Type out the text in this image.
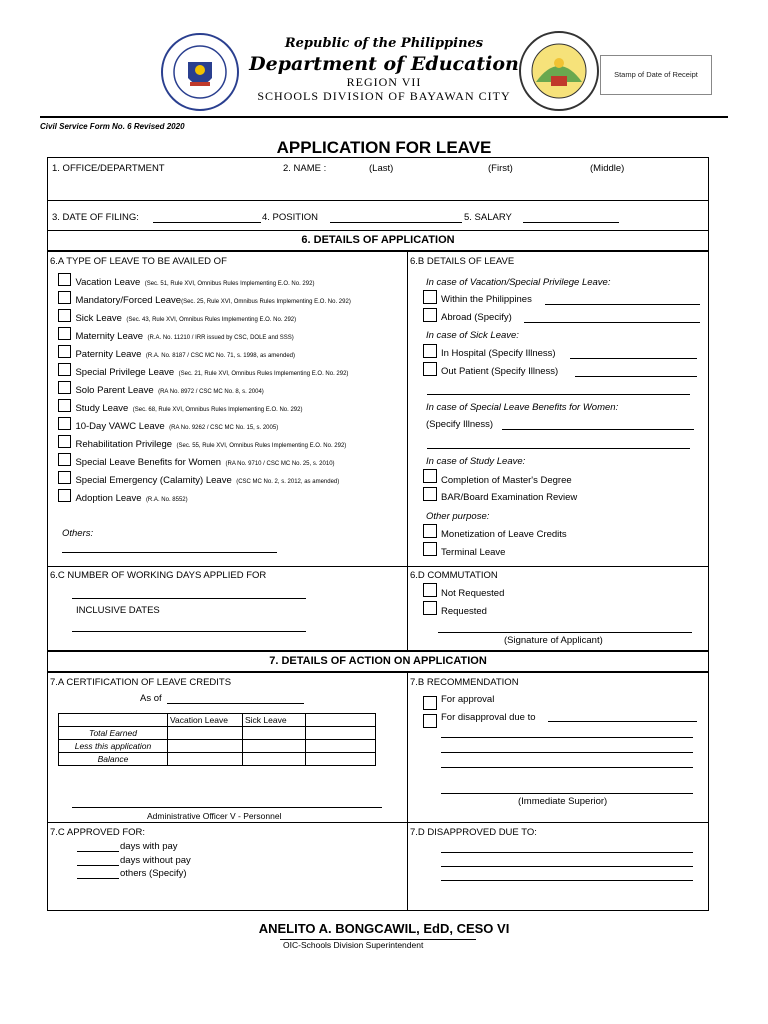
Republic of the Philippines
Department of Education
REGION VII
SCHOOLS DIVISION OF BAYAWAN CITY
Stamp of Date of Receipt
Civil Service Form No. 6 Revised 2020
APPLICATION FOR LEAVE
1. OFFICE/DEPARTMENT	2. NAME :	(Last)	(First)	(Middle)
3. DATE OF FILING:	4. POSITION	5. SALARY
6. DETAILS OF APPLICATION
6.A TYPE OF LEAVE TO BE AVAILED OF
Vacation Leave (Sec. 51, Rule XVI, Omnibus Rules Implementing E.O. No. 292)
Mandatory/Forced Leave(Sec. 25, Rule XVI, Omnibus Rules Implementing E.O. No. 292)
Sick Leave (Sec. 43, Rule XVI, Omnibus Rules Implementing E.O. No. 292)
Maternity Leave (R.A. No. 11210 / IRR issued by CSC, DOLE and SSS)
Paternity Leave (R.A. No. 8187 / CSC MC No. 71, s. 1998, as amended)
Special Privilege Leave (Sec. 21, Rule XVI, Omnibus Rules Implementing E.O. No. 292)
Solo Parent Leave (RA No. 8972 / CSC MC No. 8, s. 2004)
Study Leave (Sec. 68, Rule XVI, Omnibus Rules Implementing E.O. No. 292)
10-Day VAWC Leave (RA No. 9262 / CSC MC No. 15, s. 2005)
Rehabilitation Privilege (Sec. 55, Rule XVI, Omnibus Rules Implementing E.O. No. 292)
Special Leave Benefits for Women (RA No. 9710 / CSC MC No. 25, s. 2010)
Special Emergency (Calamity) Leave (CSC MC No. 2, s. 2012, as amended)
Adoption Leave (R.A. No. 8552)
Others:
6.B DETAILS OF LEAVE
In case of Vacation/Special Privilege Leave:
Within the Philippines
Abroad (Specify)
In case of Sick Leave:
In Hospital (Specify Illness)
Out Patient (Specify Illness)
In case of Special Leave Benefits for Women:
(Specify Illness)
In case of Study Leave:
Completion of Master's Degree
BAR/Board Examination Review
Other purpose:
Monetization of Leave Credits
Terminal Leave
6.C NUMBER OF WORKING DAYS APPLIED FOR
INCLUSIVE DATES
6.D COMMUTATION
Not Requested
Requested
(Signature of Applicant)
7. DETAILS OF ACTION ON APPLICATION
7.A CERTIFICATION OF LEAVE CREDITS
As of
	Vacation Leave	Sick Leave	
Total Earned			
Less this application			
Balance			
Administrative Officer V - Personnel
7.B RECOMMENDATION
For approval
For disapproval due to
(Immediate Superior)
7.C APPROVED FOR:
days with pay
days without pay
others (Specify)
7.D DISAPPROVED DUE TO:
ANELITO A. BONGCAWIL, EdD, CESO VI
OIC-Schools Division Superintendent
